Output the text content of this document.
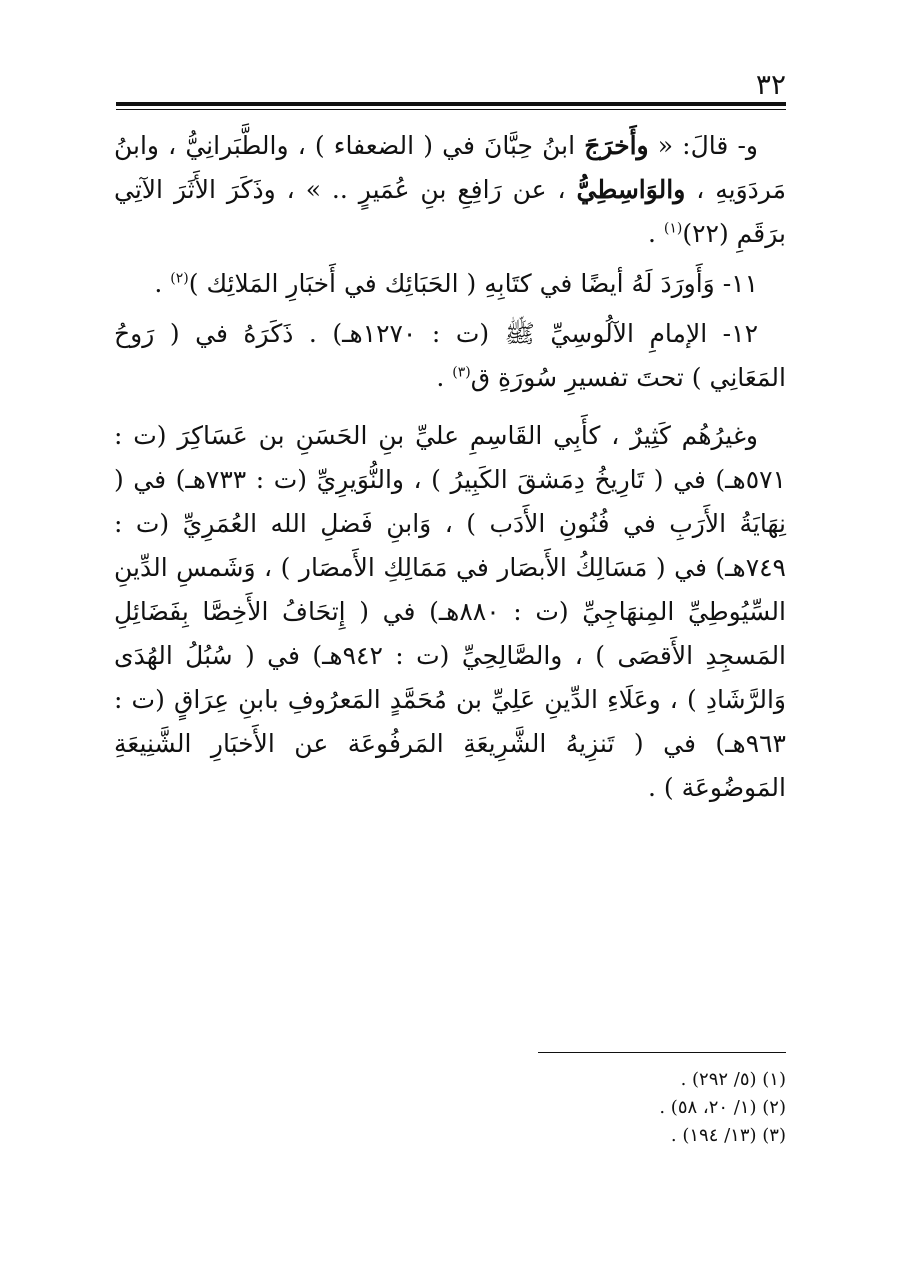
٣٢

و- قالَ: « وأَخرَجَ ابنُ حِبَّانَ في ( الضعفاء ) ، والطَّبَرانِيُّ ، وابنُ مَردَوَيهِ ، والوَاسِطِيُّ ، عن رَافِعِ بنِ عُمَيرٍ .. » ، وذَكَرَ الأَثَرَ الآتِي برَقَمِ (٢٢)$^{(١)}$ .

١١- وَأَورَدَ لَهُ أيضًا في كتَابِهِ ( الحَبَائِك في أَخبَارِ المَلائِك )$^{(٢)}$ .

١٢- الإمامِ الآلُوسِيِّ ﷺ (ت : ١٢٧٠هـ) . ذَكَرَهُ في ( رَوحُ المَعَانِي ) تحتَ تفسيرِ سُورَةِ ق$^{(٣)}$ .

وغيرُهُم كَثِيرٌ ، كأَبِي القَاسِمِ عليِّ بنِ الحَسَنِ بن عَسَاكِرَ (ت : ٥٧١هـ) في ( تَارِيخُ دِمَشقَ الكَبِيرُ ) ، والنُّوَيرِيِّ (ت : ٧٣٣هـ) في ( نِهَايَةُ الأَرَبِ في فُنُونِ الأَدَب ) ، وَابنِ فَضلِ الله العُمَرِيِّ (ت : ٧٤٩هـ) في ( مَسَالِكُ الأَبصَار في مَمَالِكِ الأَمصَار ) ، وَشَمسِ الدِّينِ السِّيُوطِيِّ المِنهَاجِيِّ (ت : ٨٨٠هـ) في ( إِتحَافُ الأَخِصَّا بِفَضَائِلِ المَسجِدِ الأَقصَى ) ، والصَّالِحِيِّ (ت : ٩٤٢هـ) في ( سُبُلُ الهُدَى وَالرَّشَادِ ) ، وعَلَاءِ الدِّينِ عَلِيِّ بن مُحَمَّدٍ المَعرُوفِ بابنِ عِرَاقٍ (ت : ٩٦٣هـ) في ( تَنزِيهُ الشَّرِيعَةِ المَرفُوعَة عن الأَخبَارِ الشَّنِيعَةِ المَوضُوعَة ) .

(١) (٥/ ٢٩٢) .

(٢) (١/ ٢٠، ٥٨) .

(٣) (١٣/ ١٩٤) .
